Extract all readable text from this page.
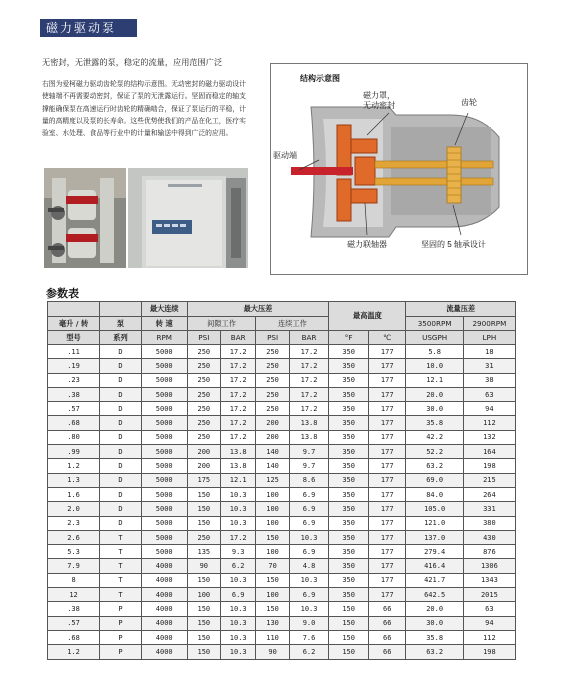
磁力驱动泵
无密封，无泄露的泵，稳定的流量，应用范围广泛
右图为爱柯磁力驱动齿轮泵的结构示意图。无动密封的磁力驱动设计使轴端不再需要动密封，保证了泵的无泄露运行。坚固而稳定的轴支撑能确保泵在高速运行时齿轮的精确啮合，保证了泵运行的平稳，计量的高精度以及泵的长寿命。这些优势使我们的产品在化工，医疗实验室、水处理、食品等行业中的计量和输送中得到广泛的应用。
结构示意图
磁力罩，
无动密封	齿轮
驱动端
磁力联轴器	坚固的 5 轴承设计
参数表
		最大连续	最大压差				最高温度		流量压差	
毫升 / 转	泵	转 速	间隙工作		连续工作				3500RPM	2900RPM
型号	系列	RPM	PSI	BAR	PSI	BAR	°F	℃	USGPH	LPH
.11	D	5000	250	17.2	250	17.2	350	177	5.8	18
.19	D	5000	250	17.2	250	17.2	350	177	10.0	31
.23	D	5000	250	17.2	250	17.2	350	177	12.1	38
.38	D	5000	250	17.2	250	17.2	350	177	20.0	63
.57	D	5000	250	17.2	250	17.2	350	177	30.0	94
.68	D	5000	250	17.2	200	13.8	350	177	35.8	112
.80	D	5000	250	17.2	200	13.8	350	177	42.2	132
.99	D	5000	200	13.8	140	9.7	350	177	52.2	164
1.2	D	5000	200	13.8	140	9.7	350	177	63.2	198
1.3	D	5000	175	12.1	125	8.6	350	177	69.0	215
1.6	D	5000	150	10.3	100	6.9	350	177	84.0	264
2.0	D	5000	150	10.3	100	6.9	350	177	105.0	331
2.3	D	5000	150	10.3	100	6.9	350	177	121.0	380
2.6	T	5000	250	17.2	150	10.3	350	177	137.0	430
5.3	T	5000	135	9.3	100	6.9	350	177	279.4	876
7.9	T	4000	90	6.2	70	4.8	350	177	416.4	1306
8	T	4000	150	10.3	150	10.3	350	177	421.7	1343
12	T	4000	100	6.9	100	6.9	350	177	642.5	2015
.38	P	4000	150	10.3	150	10.3	150	66	20.0	63
.57	P	4000	150	10.3	130	9.0	150	66	30.0	94
.68	P	4000	150	10.3	110	7.6	150	66	35.8	112
1.2	P	4000	150	10.3	90	6.2	150	66	63.2	198
